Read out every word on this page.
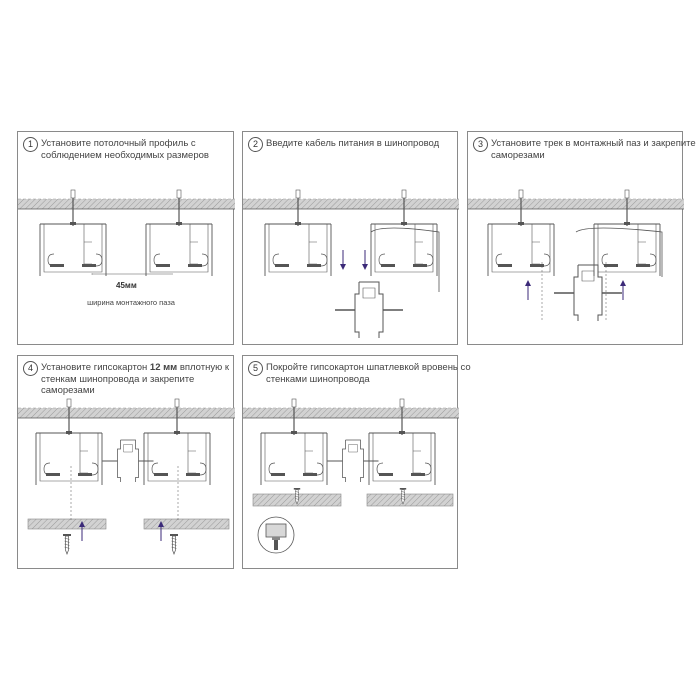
1 Установите потолочный профиль с соблюдением необходимых размеров
45мм
ширина монтажного паза
2 Введите кабель питания в шинопровод	3 Установите трек в монтажный паз и закрепите саморезами
4 Установите гипсокартон 12 мм вплотную к стенкам шинопровода и закрепите саморезами
5 Покройте гипсокартон шпатлевкой вровень со стенками шинопровода
